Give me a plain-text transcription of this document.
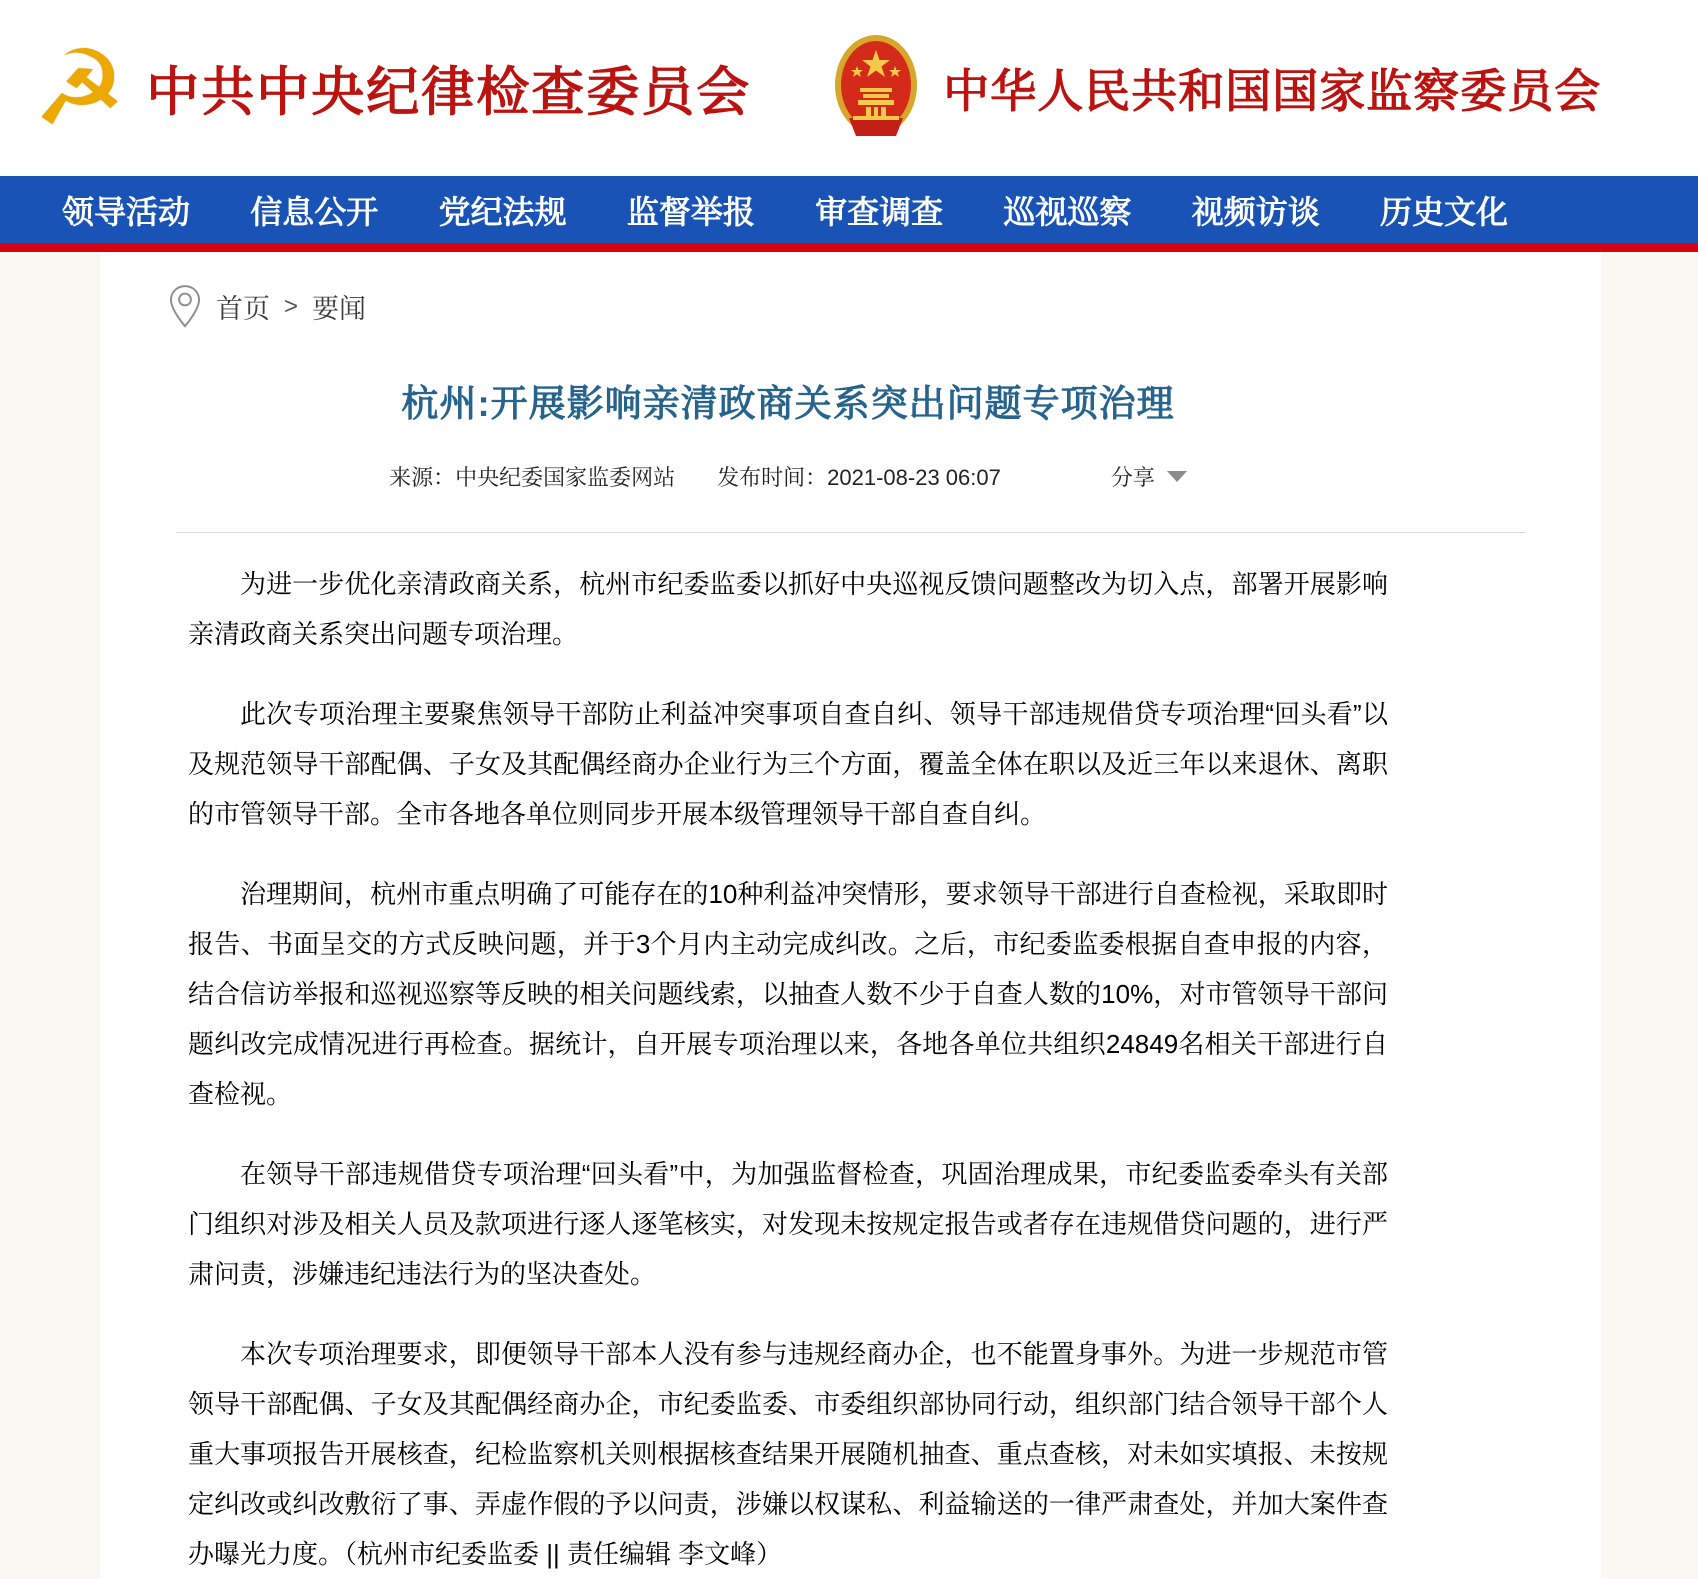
☭ 中共中央纪律检查委员会	中华人民共和国国家监察委员会
领导活动 信息公开 党纪法规 监督举报 审查调查 巡视巡察 视频访谈 历史文化
首页 > 要闻
杭州:开展影响亲清政商关系突出问题专项治理
来源：中央纪委国家监委网站 发布时间：2021-08-23 06:07	分享

为进一步优化亲清政商关系，杭州市纪委监委以抓好中央巡视反馈问题整改为切入点，部署开展影响亲清政商关系突出问题专项治理。

此次专项治理主要聚焦领导干部防止利益冲突事项自查自纠、领导干部违规借贷专项治理“回头看”以及规范领导干部配偶、子女及其配偶经商办企业行为三个方面，覆盖全体在职以及近三年以来退休、离职的市管领导干部。全市各地各单位则同步开展本级管理领导干部自查自纠。

治理期间，杭州市重点明确了可能存在的10种利益冲突情形，要求领导干部进行自查检视，采取即时报告、书面呈交的方式反映问题，并于3个月内主动完成纠改。之后，市纪委监委根据自查申报的内容，结合信访举报和巡视巡察等反映的相关问题线索，以抽查人数不少于自查人数的10%，对市管领导干部问题纠改完成情况进行再检查。据统计，自开展专项治理以来，各地各单位共组织24849名相关干部进行自查检视。

在领导干部违规借贷专项治理“回头看”中，为加强监督检查，巩固治理成果，市纪委监委牵头有关部门组织对涉及相关人员及款项进行逐人逐笔核实，对发现未按规定报告或者存在违规借贷问题的，进行严肃问责，涉嫌违纪违法行为的坚决查处。

本次专项治理要求，即便领导干部本人没有参与违规经商办企，也不能置身事外。为进一步规范市管领导干部配偶、子女及其配偶经商办企，市纪委监委、市委组织部协同行动，组织部门结合领导干部个人重大事项报告开展核查，纪检监察机关则根据核查结果开展随机抽查、重点查核，对未如实填报、未按规定纠改或纠改敷衍了事、弄虚作假的予以问责，涉嫌以权谋私、利益输送的一律严肃查处，并加大案件查办曝光力度。（杭州市纪委监委 || 责任编辑 李文峰）
